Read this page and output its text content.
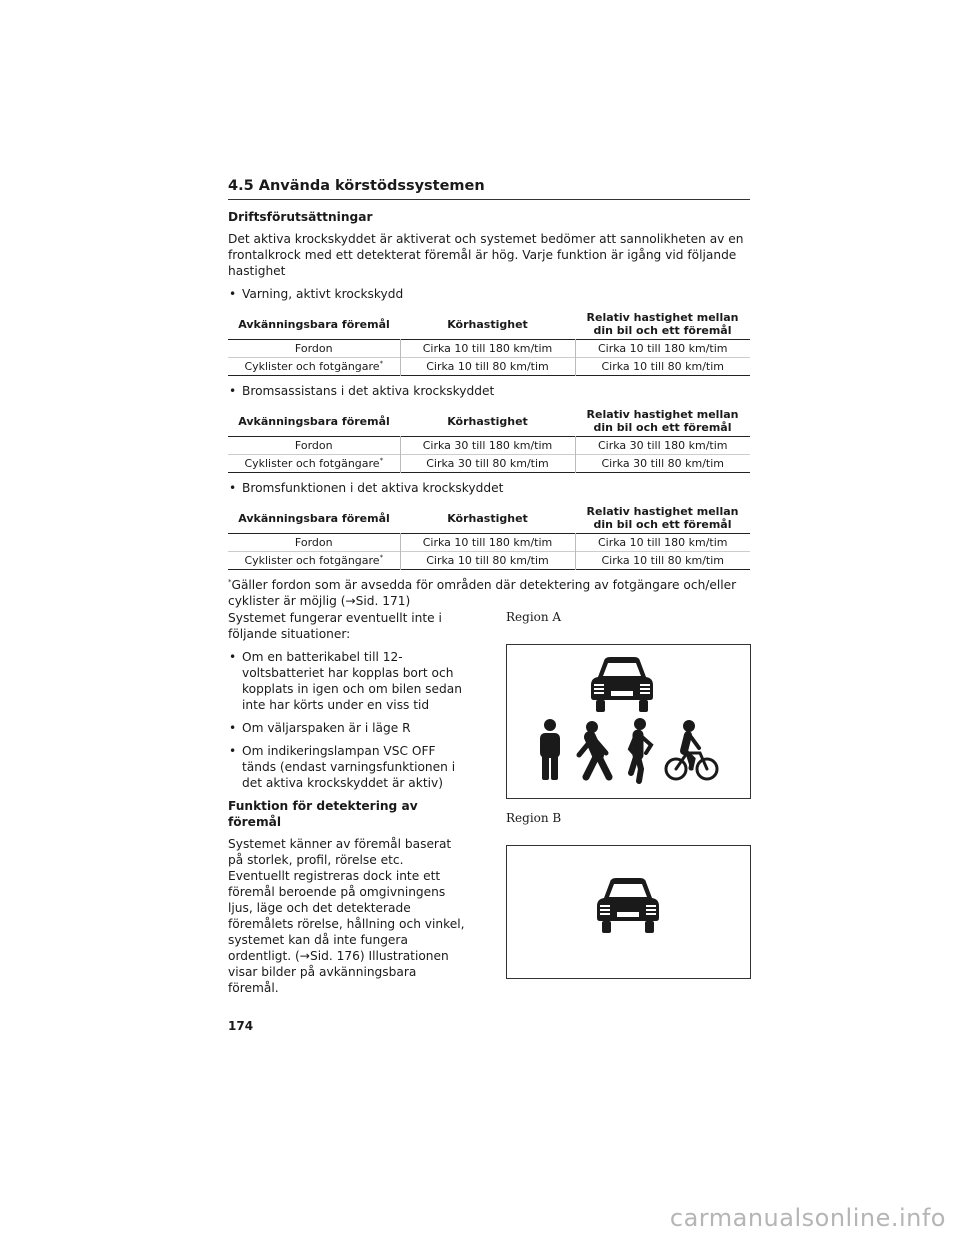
4.5 Använda körstödssystemen
Driftsförutsättningar

Det aktiva krockskyddet är aktiverat och systemet bedömer att sannolikheten av en frontalkrock med ett detekterat föremål är hög. Varje funktion är igång vid följande hastighet

• Varning, aktivt krockskydd
Avkänningsbara föremål	Körhastighet	Relativ hastighet mellan din bil och ett föremål
Fordon	Cirka 10 till 180 km/tim	Cirka 10 till 180 km/tim
Cyklister och fotgängare*	Cirka 10 till 80 km/tim	Cirka 10 till 80 km/tim
• Bromsassistans i det aktiva krockskyddet
Avkänningsbara föremål	Körhastighet	Relativ hastighet mellan din bil och ett föremål
Fordon	Cirka 30 till 180 km/tim	Cirka 30 till 180 km/tim
Cyklister och fotgängare*	Cirka 30 till 80 km/tim	Cirka 30 till 80 km/tim
• Bromsfunktionen i det aktiva krockskyddet
Avkänningsbara föremål	Körhastighet	Relativ hastighet mellan din bil och ett föremål
Fordon	Cirka 10 till 180 km/tim	Cirka 10 till 180 km/tim
Cyklister och fotgängare*	Cirka 10 till 80 km/tim	Cirka 10 till 80 km/tim
*Gäller fordon som är avsedda för områden där detektering av fotgängare och/eller cyklister är möjlig (→Sid. 171)

Systemet fungerar eventuellt inte i följande situationer:

• Om en batterikabel till 12-voltsbatteriet har kopplas bort och kopplats in igen och om bilen sedan inte har körts under en viss tid
• Om väljarspaken är i läge R
• Om indikeringslampan VSC OFF tänds (endast varningsfunktionen i det aktiva krockskyddet är aktiv)
Funktion för detektering av föremål

Systemet känner av föremål baserat på storlek, profil, rörelse etc. Eventuellt registreras dock inte ett föremål beroende på omgivningens ljus, läge och det detekterade föremålets rörelse, hållning och vinkel, systemet kan då inte fungera ordentligt. (→Sid. 176) Illustrationen visar bilder på avkänningsbara föremål.

Region A
Region B
174
carmanualsonline.info
